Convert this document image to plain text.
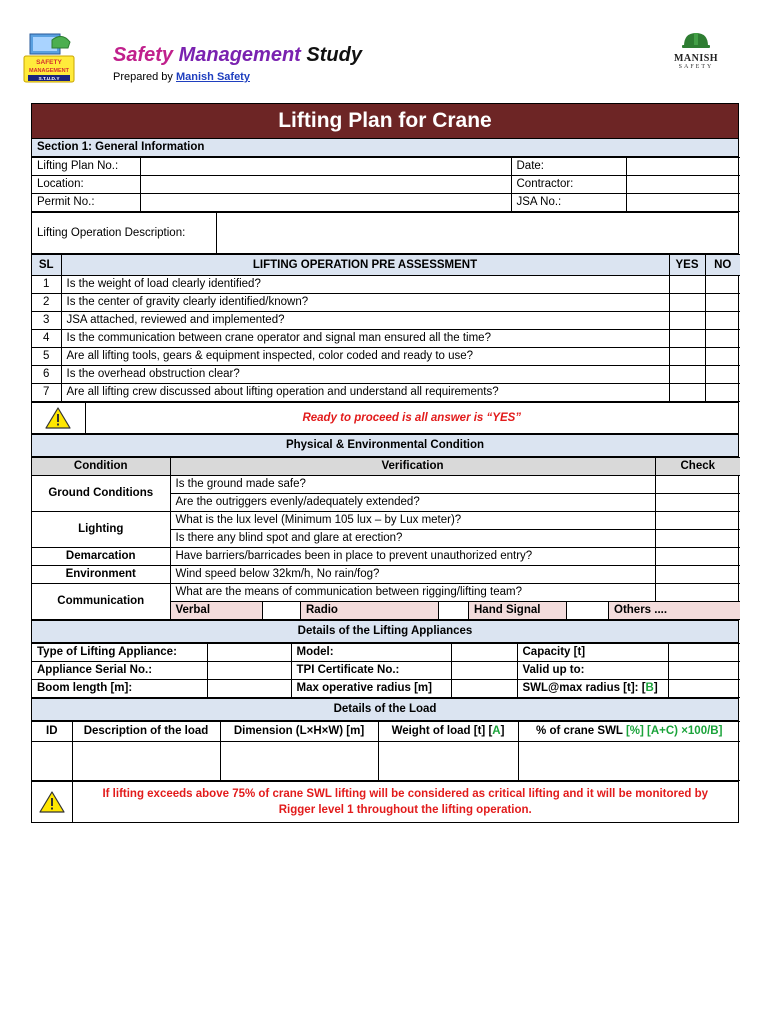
SAFETY
MANAGEMENT
S.T.U.D.Y
Safety Management Study
Prepared by Manish Safety
MANISH
SAFETY
Lifting Plan for Crane
Section 1: General Information
Lifting Plan No.:		Date:	
Location:		Contractor:	
Permit No.:		JSA No.:	
Lifting Operation Description:	
SL	LIFTING OPERATION PRE ASSESSMENT	YES	NO
1	Is the weight of load clearly identified?		
2	Is the center of gravity clearly identified/known?		
3	JSA attached, reviewed and implemented?		
4	Is the communication between crane operator and signal man ensured all the time?		
5	Are all lifting tools, gears & equipment inspected, color coded and ready to use?		
6	Is the overhead obstruction clear?		
7	Are all lifting crew discussed about lifting operation and understand all requirements?		
	Ready to proceed is all answer is “YES”
Physical & Environmental Condition
Condition	Verification	Check
Ground Conditions	Is the ground made safe?	
Are the outriggers evenly/adequately extended?	
Lighting	What is the lux level (Minimum 105 lux – by Lux meter)?	
Is there any blind spot and glare at erection?	
Demarcation	Have barriers/barricades been in place to prevent unauthorized entry?	
Environment	Wind speed below 32km/h, No rain/fog?	
Communication	What are the means of communication between rigging/lifting team?	

Verbal		Radio		Hand Signal		Others ....	
Details of the Lifting Appliances
Type of Lifting Appliance:		Model:		Capacity [t]	
Appliance Serial No.:		TPI Certificate No.:		Valid up to:	
Boom length [m]:		Max operative radius [m]		SWL@max radius [t]: [B]	
Details of the Load
ID	Description of the load	Dimension (L×H×W) [m]	Weight of load [t] [A]	% of crane SWL [%] [A+C) ×100/B]

If lifting exceeds above 75% of crane SWL lifting will be considered as critical lifting and it will be monitored by
Rigger level 1 throughout the lifting operation.
